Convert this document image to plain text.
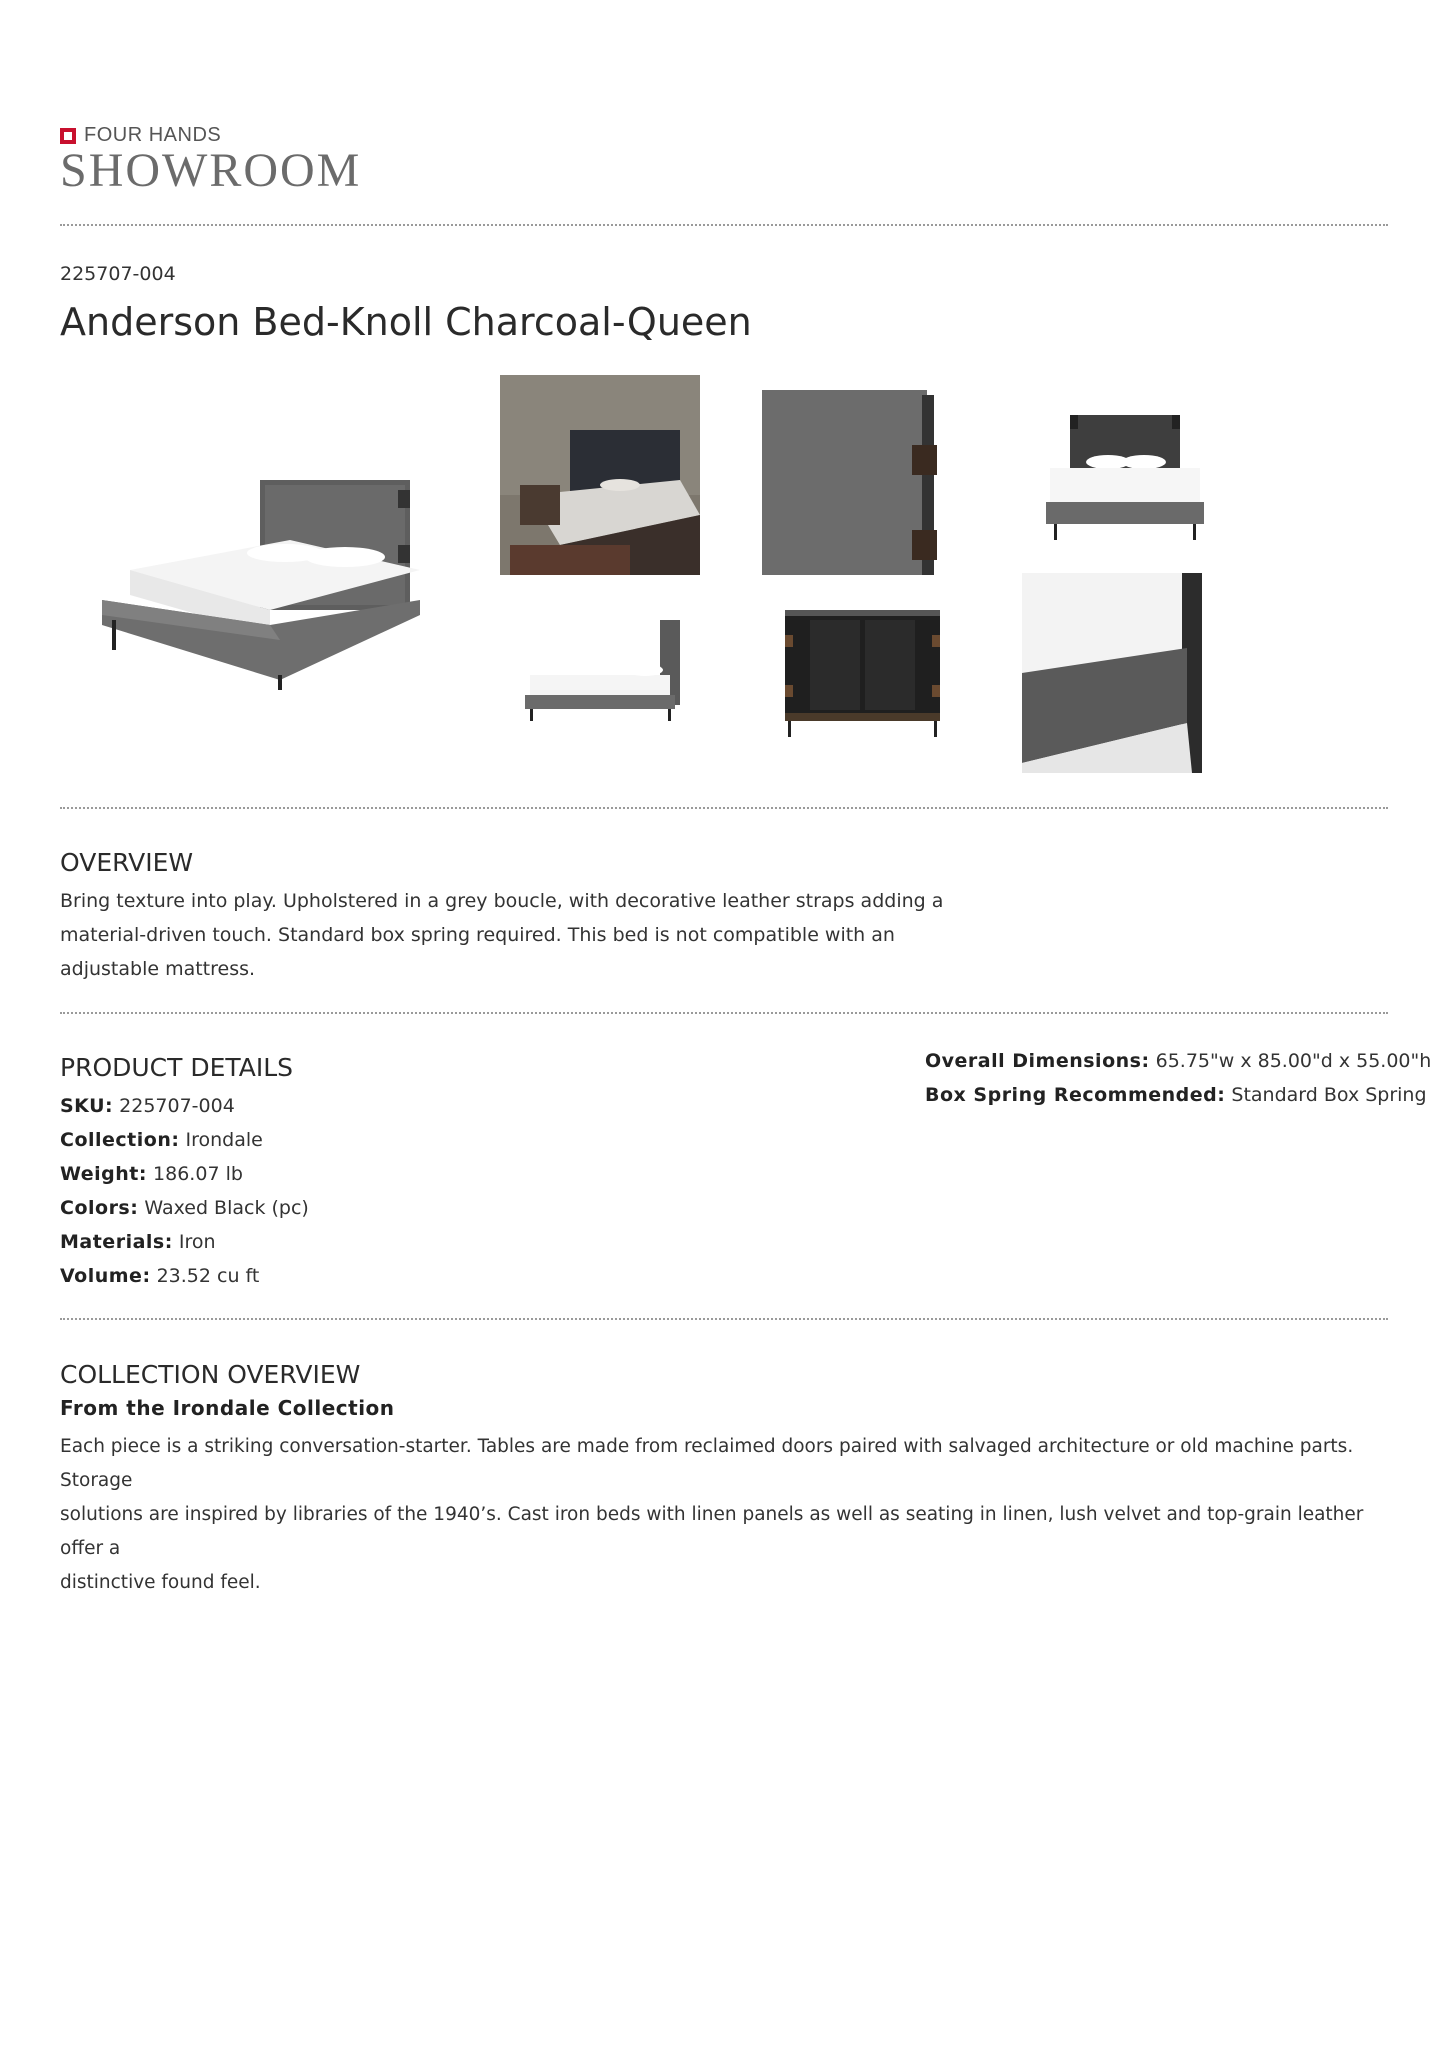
FOUR HANDS
SHOWROOM
225707-004
Anderson Bed-Knoll Charcoal-Queen
OVERVIEW
Bring texture into play. Upholstered in a grey boucle, with decorative leather straps adding a
material-driven touch. Standard box spring required. This bed is not compatible with an
adjustable mattress.
PRODUCT DETAILS
SKU: 225707-004
Collection: Irondale
Weight: 186.07 lb
Colors: Waxed Black (pc)
Materials: Iron
Volume: 23.52 cu ft
Overall Dimensions: 65.75"w x 85.00"d x 55.00"h
Box Spring Recommended: Standard Box Spring
COLLECTION OVERVIEW
From the Irondale Collection
Each piece is a striking conversation-starter. Tables are made from reclaimed doors paired with salvaged architecture or old machine parts. Storage
solutions are inspired by libraries of the 1940’s. Cast iron beds with linen panels as well as seating in linen, lush velvet and top-grain leather offer a
distinctive found feel.
